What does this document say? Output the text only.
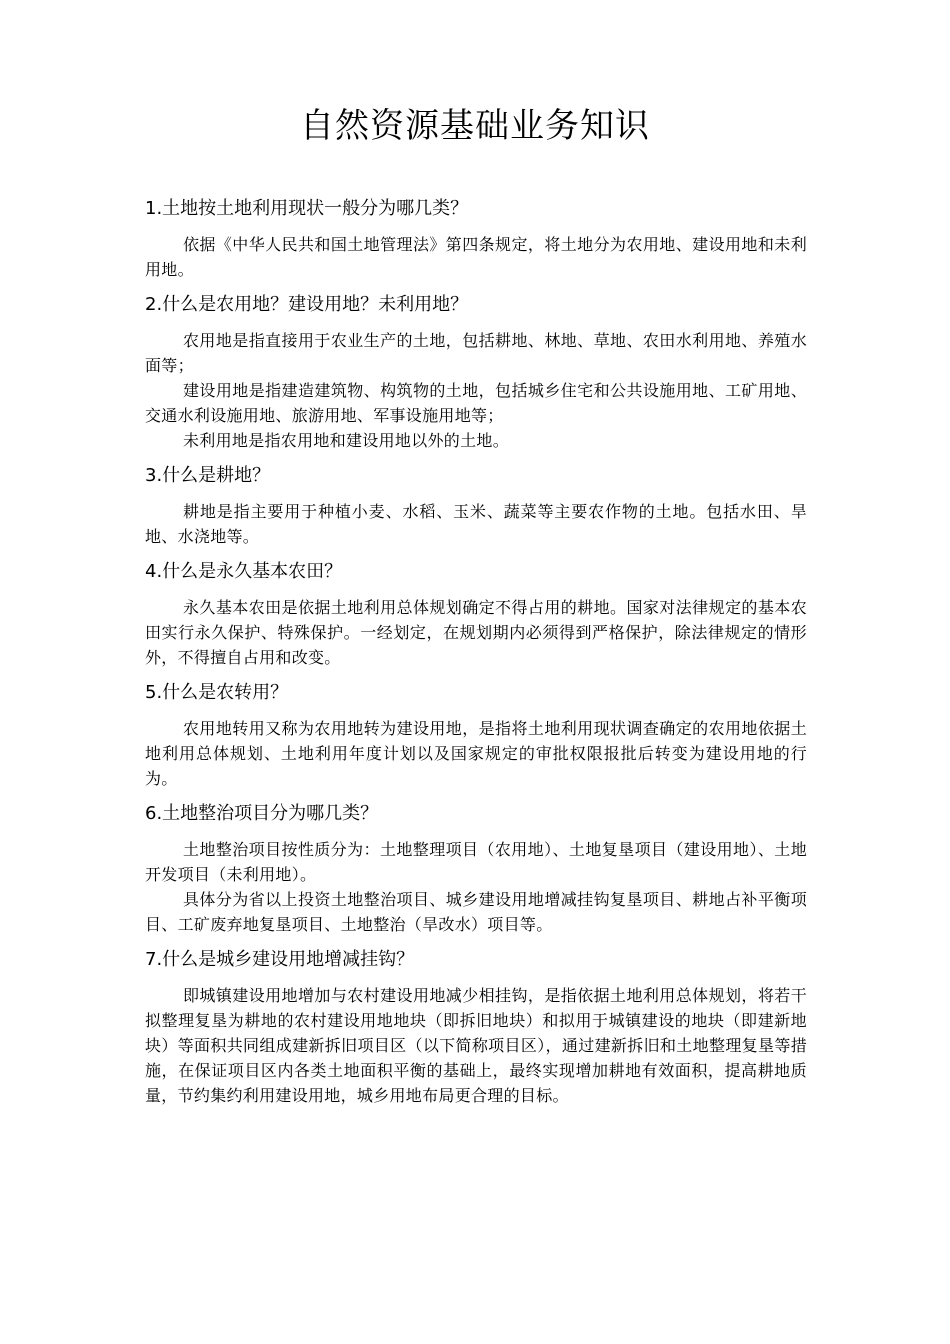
自然资源基础业务知识
1.土地按土地利用现状一般分为哪几类？

依据《中华人民共和国土地管理法》第四条规定，将土地分为农用地、建设用地和未利用地。

2.什么是农用地？建设用地？未利用地？

农用地是指直接用于农业生产的土地，包括耕地、林地、草地、农田水利用地、养殖水面等；

建设用地是指建造建筑物、构筑物的土地，包括城乡住宅和公共设施用地、工矿用地、交通水利设施用地、旅游用地、军事设施用地等；

未利用地是指农用地和建设用地以外的土地。

3.什么是耕地？

耕地是指主要用于种植小麦、水稻、玉米、蔬菜等主要农作物的土地。包括水田、旱地、水浇地等。

4.什么是永久基本农田？

永久基本农田是依据土地利用总体规划确定不得占用的耕地。国家对法律规定的基本农田实行永久保护、特殊保护。一经划定，在规划期内必须得到严格保护，除法律规定的情形外，不得擅自占用和改变。

5.什么是农转用？

农用地转用又称为农用地转为建设用地，是指将土地利用现状调查确定的农用地依据土地利用总体规划、土地利用年度计划以及国家规定的审批权限报批后转变为建设用地的行为。

6.土地整治项目分为哪几类？

土地整治项目按性质分为：土地整理项目（农用地）、土地复垦项目（建设用地）、土地开发项目（未利用地）。

具体分为省以上投资土地整治项目、城乡建设用地增减挂钩复垦项目、耕地占补平衡项目、工矿废弃地复垦项目、土地整治（旱改水）项目等。

7.什么是城乡建设用地增减挂钩？

即城镇建设用地增加与农村建设用地减少相挂钩，是指依据土地利用总体规划，将若干拟整理复垦为耕地的农村建设用地地块（即拆旧地块）和拟用于城镇建设的地块（即建新地块）等面积共同组成建新拆旧项目区（以下简称项目区），通过建新拆旧和土地整理复垦等措施，在保证项目区内各类土地面积平衡的基础上，最终实现增加耕地有效面积，提高耕地质量，节约集约利用建设用地，城乡用地布局更合理的目标。
